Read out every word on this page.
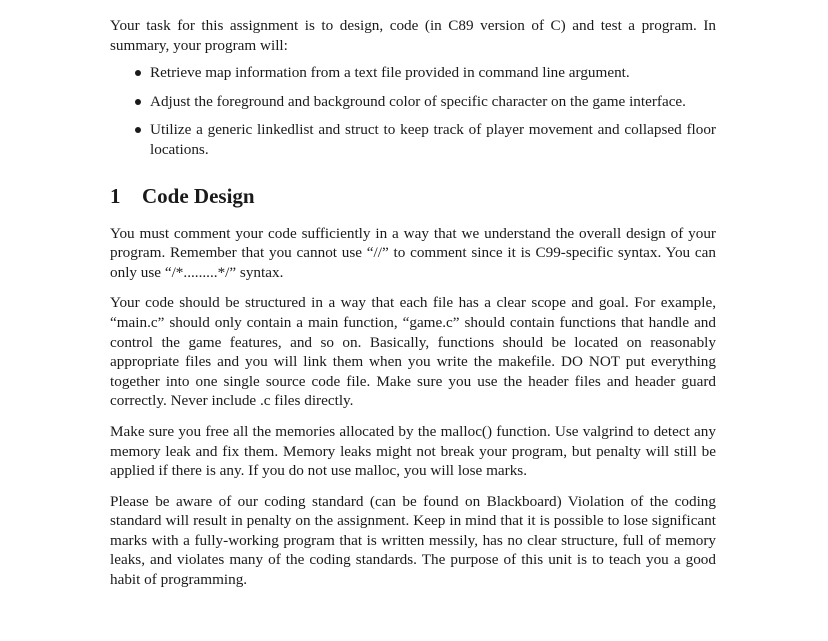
Your task for this assignment is to design, code (in C89 version of C) and test a program. In summary, your program will:

Retrieve map information from a text file provided in command line argument.
Adjust the foreground and background color of specific character on the game interface.
Utilize a generic linkedlist and struct to keep track of player movement and collapsed floor locations.
1 Code Design

You must comment your code sufficiently in a way that we understand the overall design of your program. Remember that you cannot use “//” to comment since it is C99-specific syntax. You can only use “/*.........*/” syntax.

Your code should be structured in a way that each file has a clear scope and goal. For example, “main.c” should only contain a main function, “game.c” should contain functions that handle and control the game features, and so on. Basically, functions should be located on reasonably appropriate files and you will link them when you write the makefile. DO NOT put everything together into one single source code file. Make sure you use the header files and header guard correctly. Never include .c files directly.

Make sure you free all the memories allocated by the malloc() function. Use valgrind to detect any memory leak and fix them. Memory leaks might not break your program, but penalty will still be applied if there is any. If you do not use malloc, you will lose marks.

Please be aware of our coding standard (can be found on Blackboard) Violation of the coding standard will result in penalty on the assignment. Keep in mind that it is possible to lose significant marks with a fully-working program that is written messily, has no clear structure, full of memory leaks, and violates many of the coding standards. The purpose of this unit is to teach you a good habit of programming.
